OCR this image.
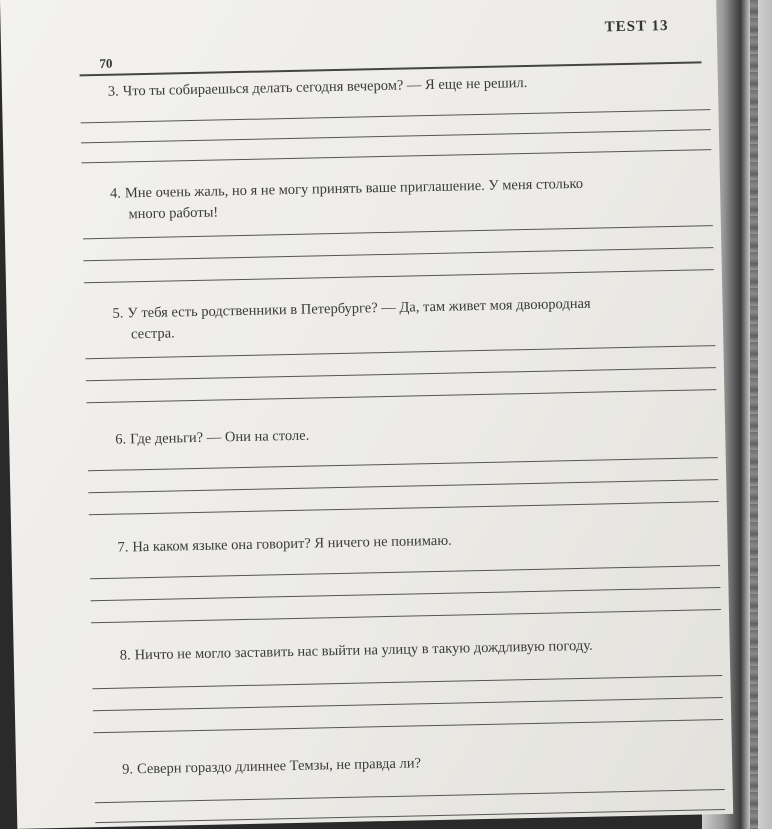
TEST 13
70
3. Что ты собираешься делать сегодня вечером? — Я еще не решил.
4. Мне очень жаль, но я не могу принять ваше приглашение. У меня столько
много работы!
5. У тебя есть родственники в Петербурге? — Да, там живет моя двоюродная
сестра.
6. Где деньги? — Они на столе.
7. На каком языке она говорит? Я ничего не понимаю.
8. Ничто не могло заставить нас выйти на улицу в такую дождливую погоду.
9. Северн гораздо длиннее Темзы, не правда ли?
